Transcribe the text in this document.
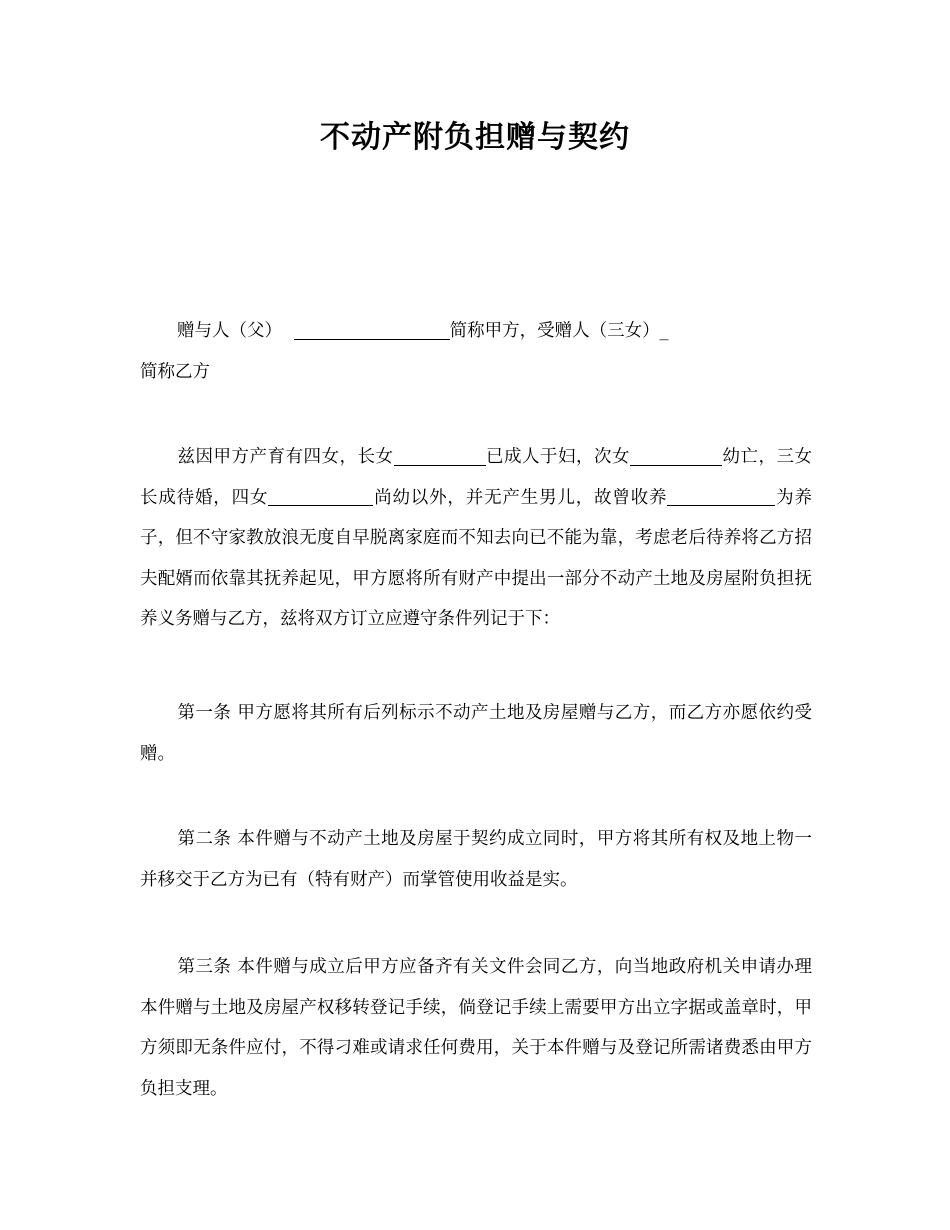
不动产附负担赠与契约

赠与人（父）	简称甲方，受赠人（三女）_
简称乙方

兹因甲方产育有四女，长女	已成人于妇，次女	幼亡，三女长成待婚，四女	尚幼以外，并无产生男儿，故曾收养	为养子，但不守家教放浪无度自早脱离家庭而不知去向已不能为靠，考虑老后待养将乙方招夫配婿而依靠其抚养起见，甲方愿将所有财产中提出一部分不动产土地及房屋附负担抚养义务赠与乙方，兹将双方订立应遵守条件列记于下：

第一条 甲方愿将其所有后列标示不动产土地及房屋赠与乙方，而乙方亦愿依约受赠。

第二条 本件赠与不动产土地及房屋于契约成立同时，甲方将其所有权及地上物一并移交于乙方为已有（特有财产）而掌管使用收益是实。

第三条 本件赠与成立后甲方应备齐有关文件会同乙方，向当地政府机关申请办理本件赠与土地及房屋产权移转登记手续，倘登记手续上需要甲方出立字据或盖章时，甲方须即无条件应付，不得刁难或请求任何费用，关于本件赠与及登记所需诸费悉由甲方负担支理。
